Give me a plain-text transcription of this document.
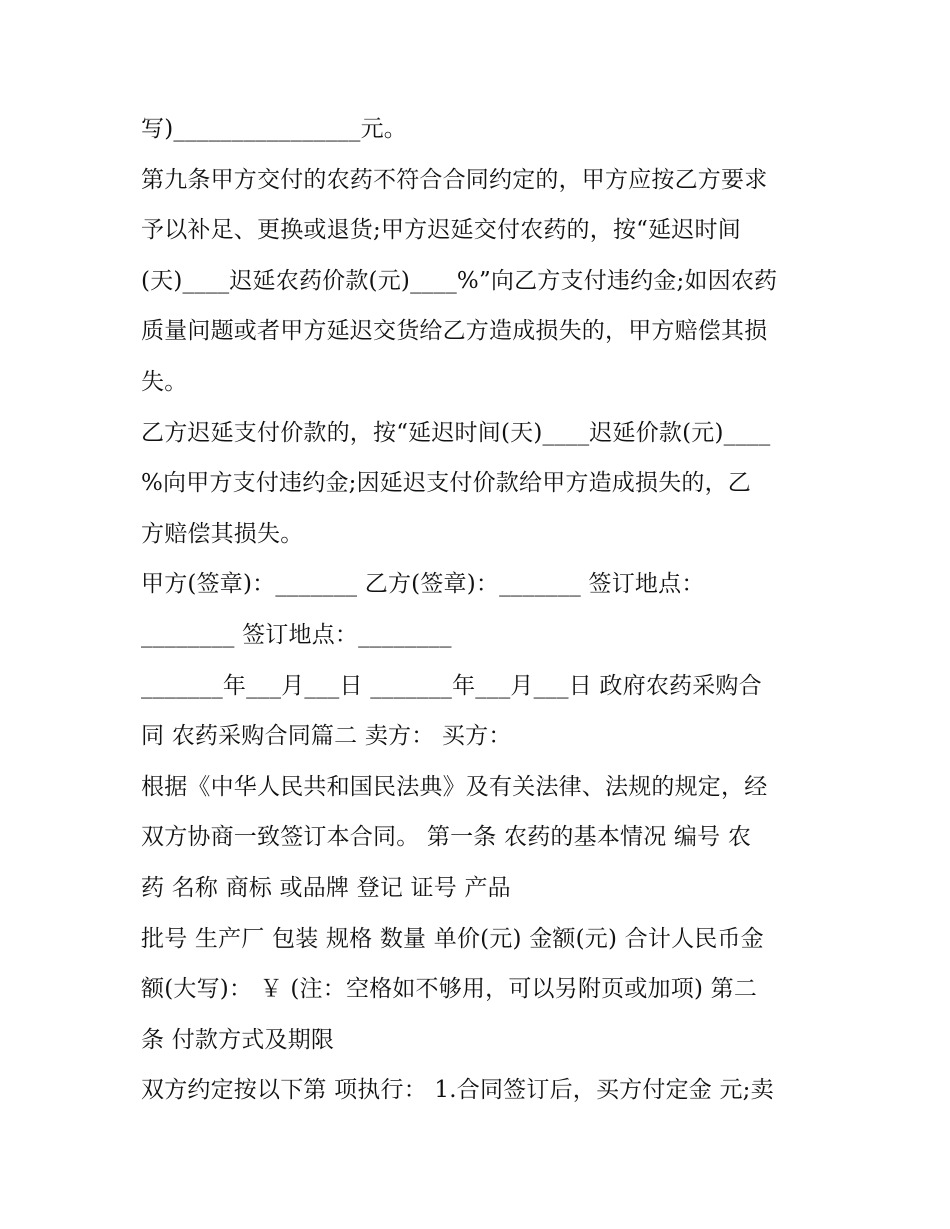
写)________________元。
第九条甲方交付的农药不符合合同约定的，甲方应按乙方要求
予以补足、更换或退货;甲方迟延交付农药的，按“延迟时间
(天)____迟延农药价款(元)____%”向乙方支付违约金;如因农药
质量问题或者甲方延迟交货给乙方造成损失的，甲方赔偿其损
失。
乙方迟延支付价款的，按“延迟时间(天)____迟延价款(元)____
%向甲方支付违约金;因延迟支付价款给甲方造成损失的，乙
方赔偿其损失。
甲方(签章)：_______ 乙方(签章)：_______ 签订地点：
________ 签订地点：________
_______年___月___日 _______年___月___日 政府农药采购合
同 农药采购合同篇二 卖方： 买方：
根据《中华人民共和国民法典》及有关法律、法规的规定，经
双方协商一致签订本合同。 第一条 农药的基本情况 编号 农
药 名称 商标 或品牌 登记 证号 产品
批号 生产厂 包装 规格 数量 单价(元) 金额(元) 合计人民币金
额(大写)： ￥ (注：空格如不够用，可以另附页或加项) 第二
条 付款方式及期限
双方约定按以下第 项执行： 1.合同签订后，买方付定金 元;卖
